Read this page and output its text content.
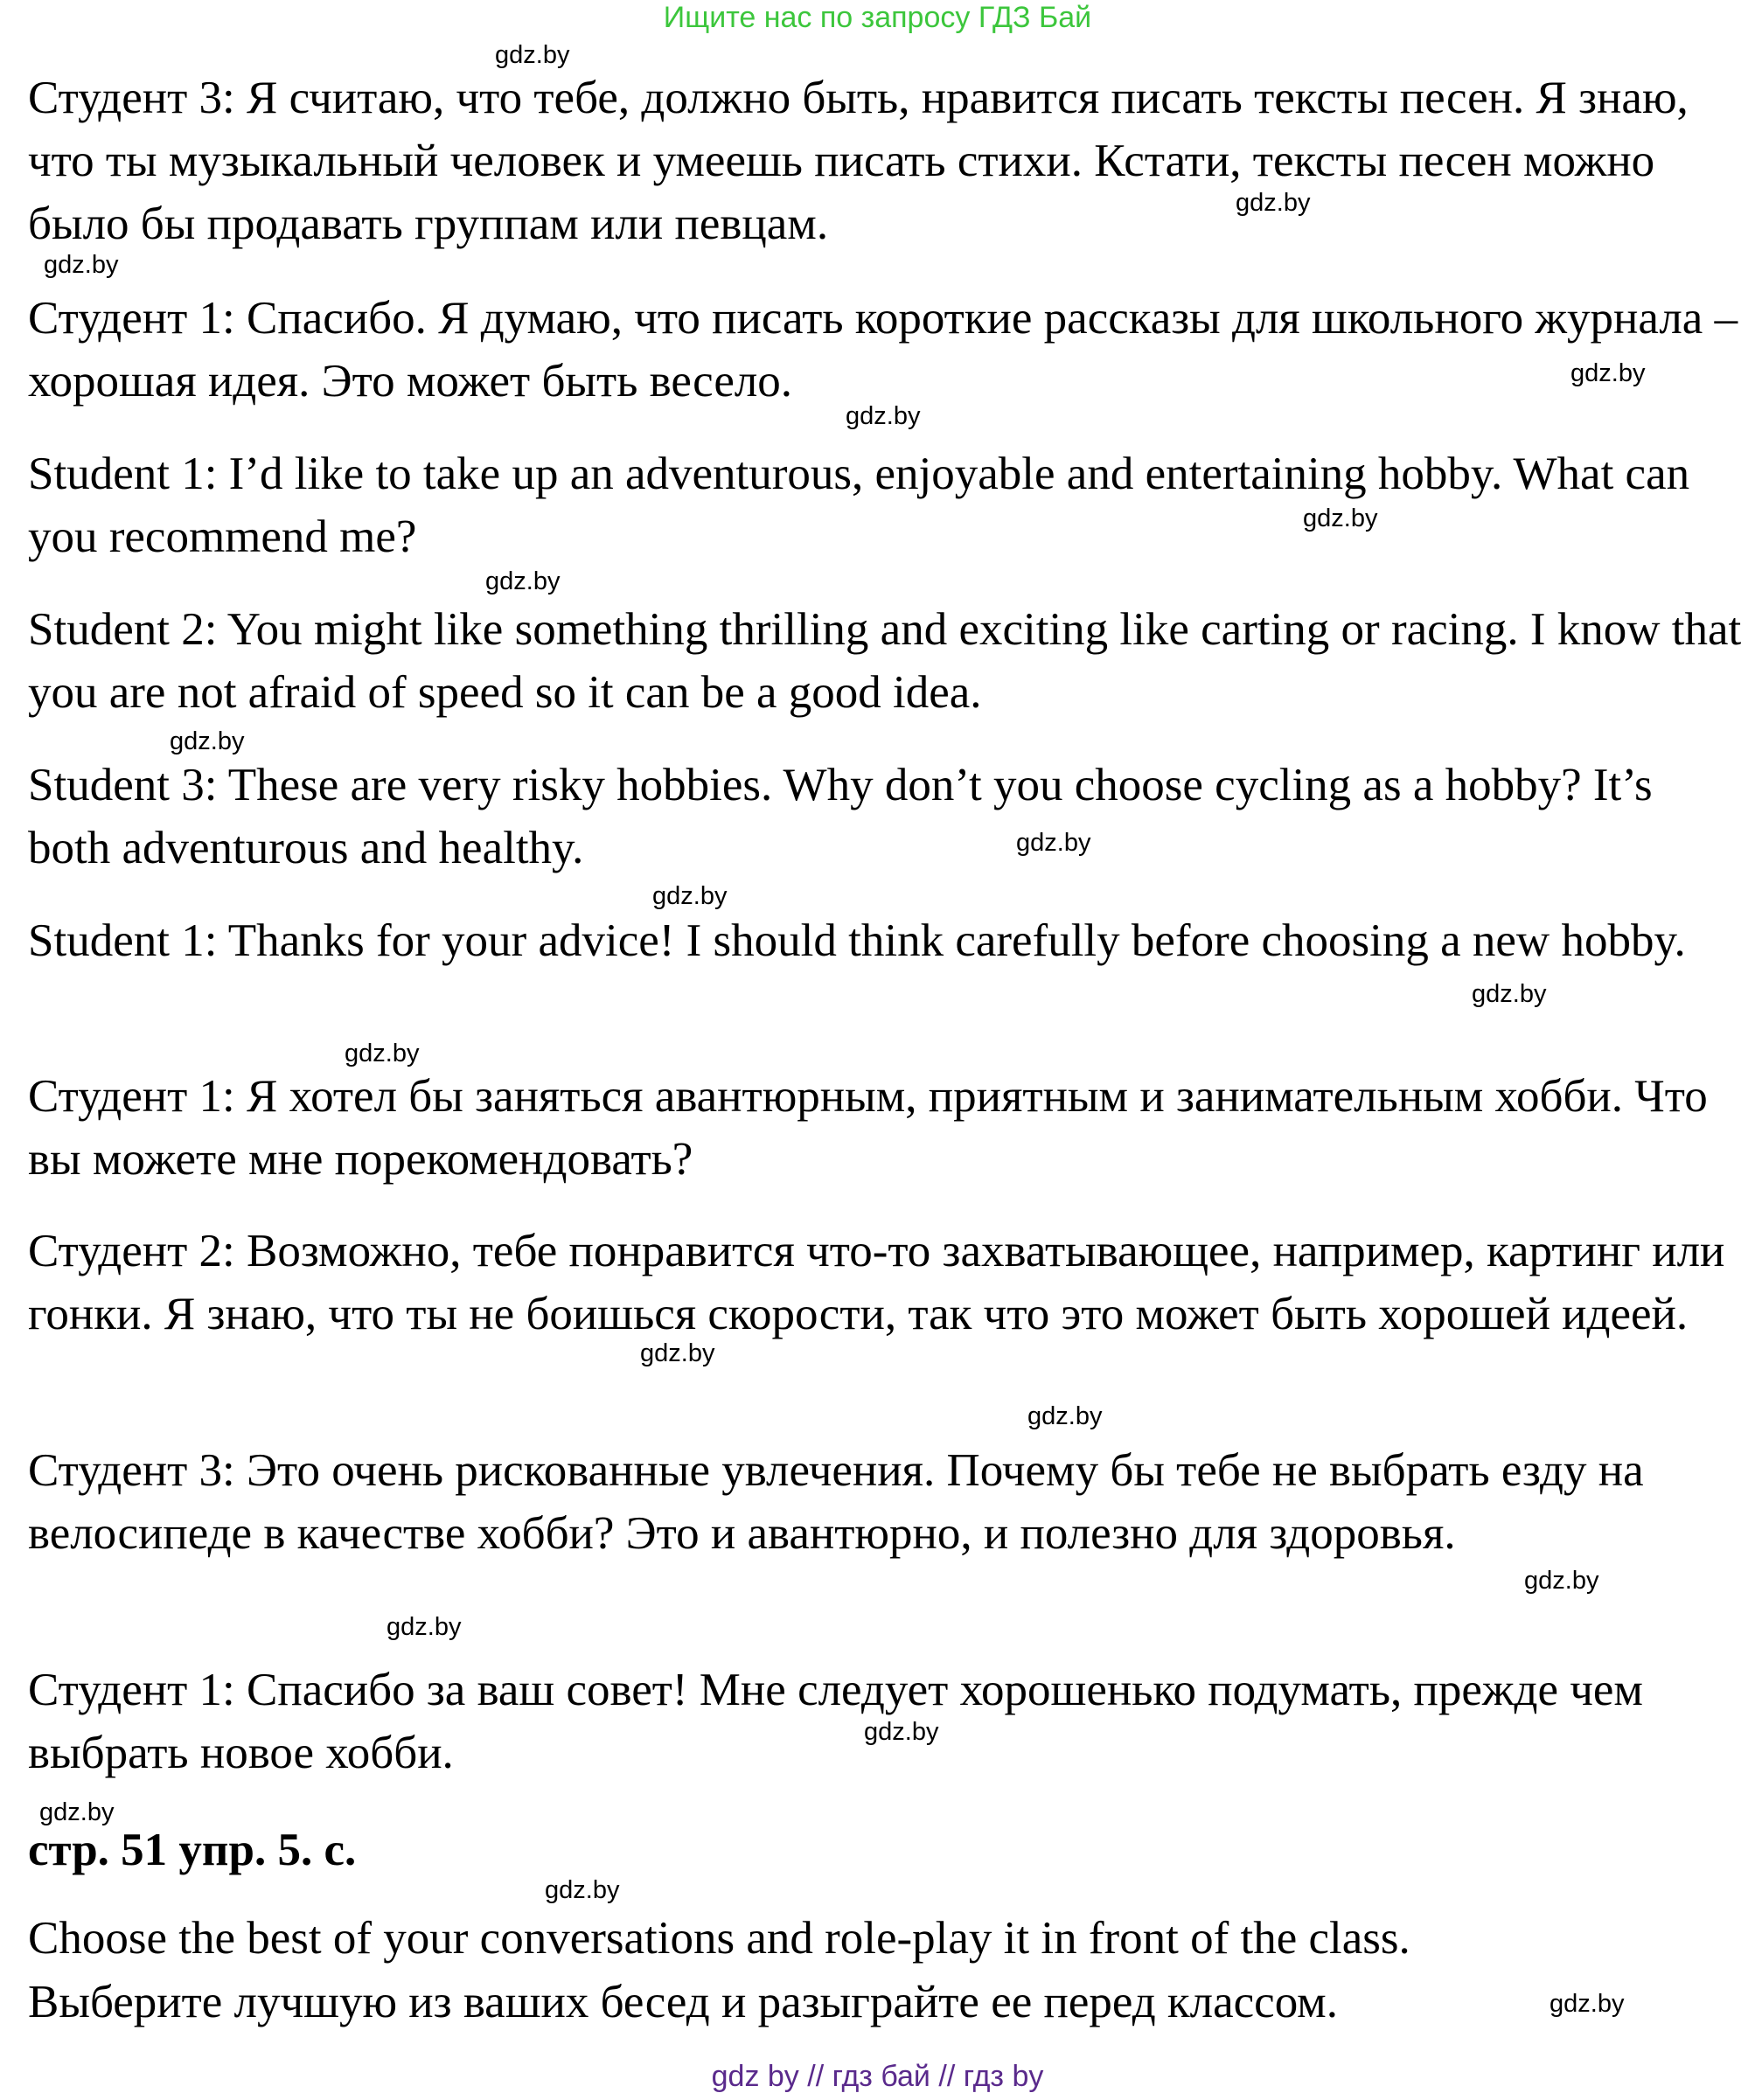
Ищите нас по запросу ГДЗ Бай

Студент 3: Я считаю, что тебе, должно быть, нравится писать тексты песен. Я знаю, что ты музыкальный человек и умеешь писать стихи. Кстати, тексты песен можно было бы продавать группам или певцам.

Студент 1: Спасибо. Я думаю, что писать короткие рассказы для школьного журнала – хорошая идея. Это может быть весело.

Student 1: I’d like to take up an adventurous, enjoyable and entertaining hobby. What can you recommend me?

Student 2: You might like something thrilling and exciting like carting or racing. I know that you are not afraid of speed so it can be a good idea.

Student 3: These are very risky hobbies. Why don’t you choose cycling as a hobby? It’s both adventurous and healthy.

Student 1: Thanks for your advice! I should think carefully before choosing a new hobby.

Студент 1: Я хотел бы заняться авантюрным, приятным и занимательным хобби. Что вы можете мне порекомендовать?

Студент 2: Возможно, тебе понравится что-то захватывающее, например, картинг или гонки. Я знаю, что ты не боишься скорости, так что это может быть хорошей идеей.

Студент 3: Это очень рискованные увлечения. Почему бы тебе не выбрать езду на велосипеде в качестве хобби? Это и авантюрно, и полезно для здоровья.

Студент 1: Спасибо за ваш совет! Мне следует хорошенько подумать, прежде чем выбрать новое хобби.

стр. 51 упр. 5. с.

Choose the best of your conversations and role-play it in front of the class.

Выберите лучшую из ваших бесед и разыграйте ее перед классом.

gdz.by
gdz.by
gdz.by
gdz.by
gdz.by
gdz.by
gdz.by
gdz.by
gdz.by
gdz.by
gdz.by
gdz.by
gdz.by
gdz.by
gdz.by
gdz.by
gdz.by
gdz.by
gdz.by
gdz.by
gdz by // гдз бай // гдз by
